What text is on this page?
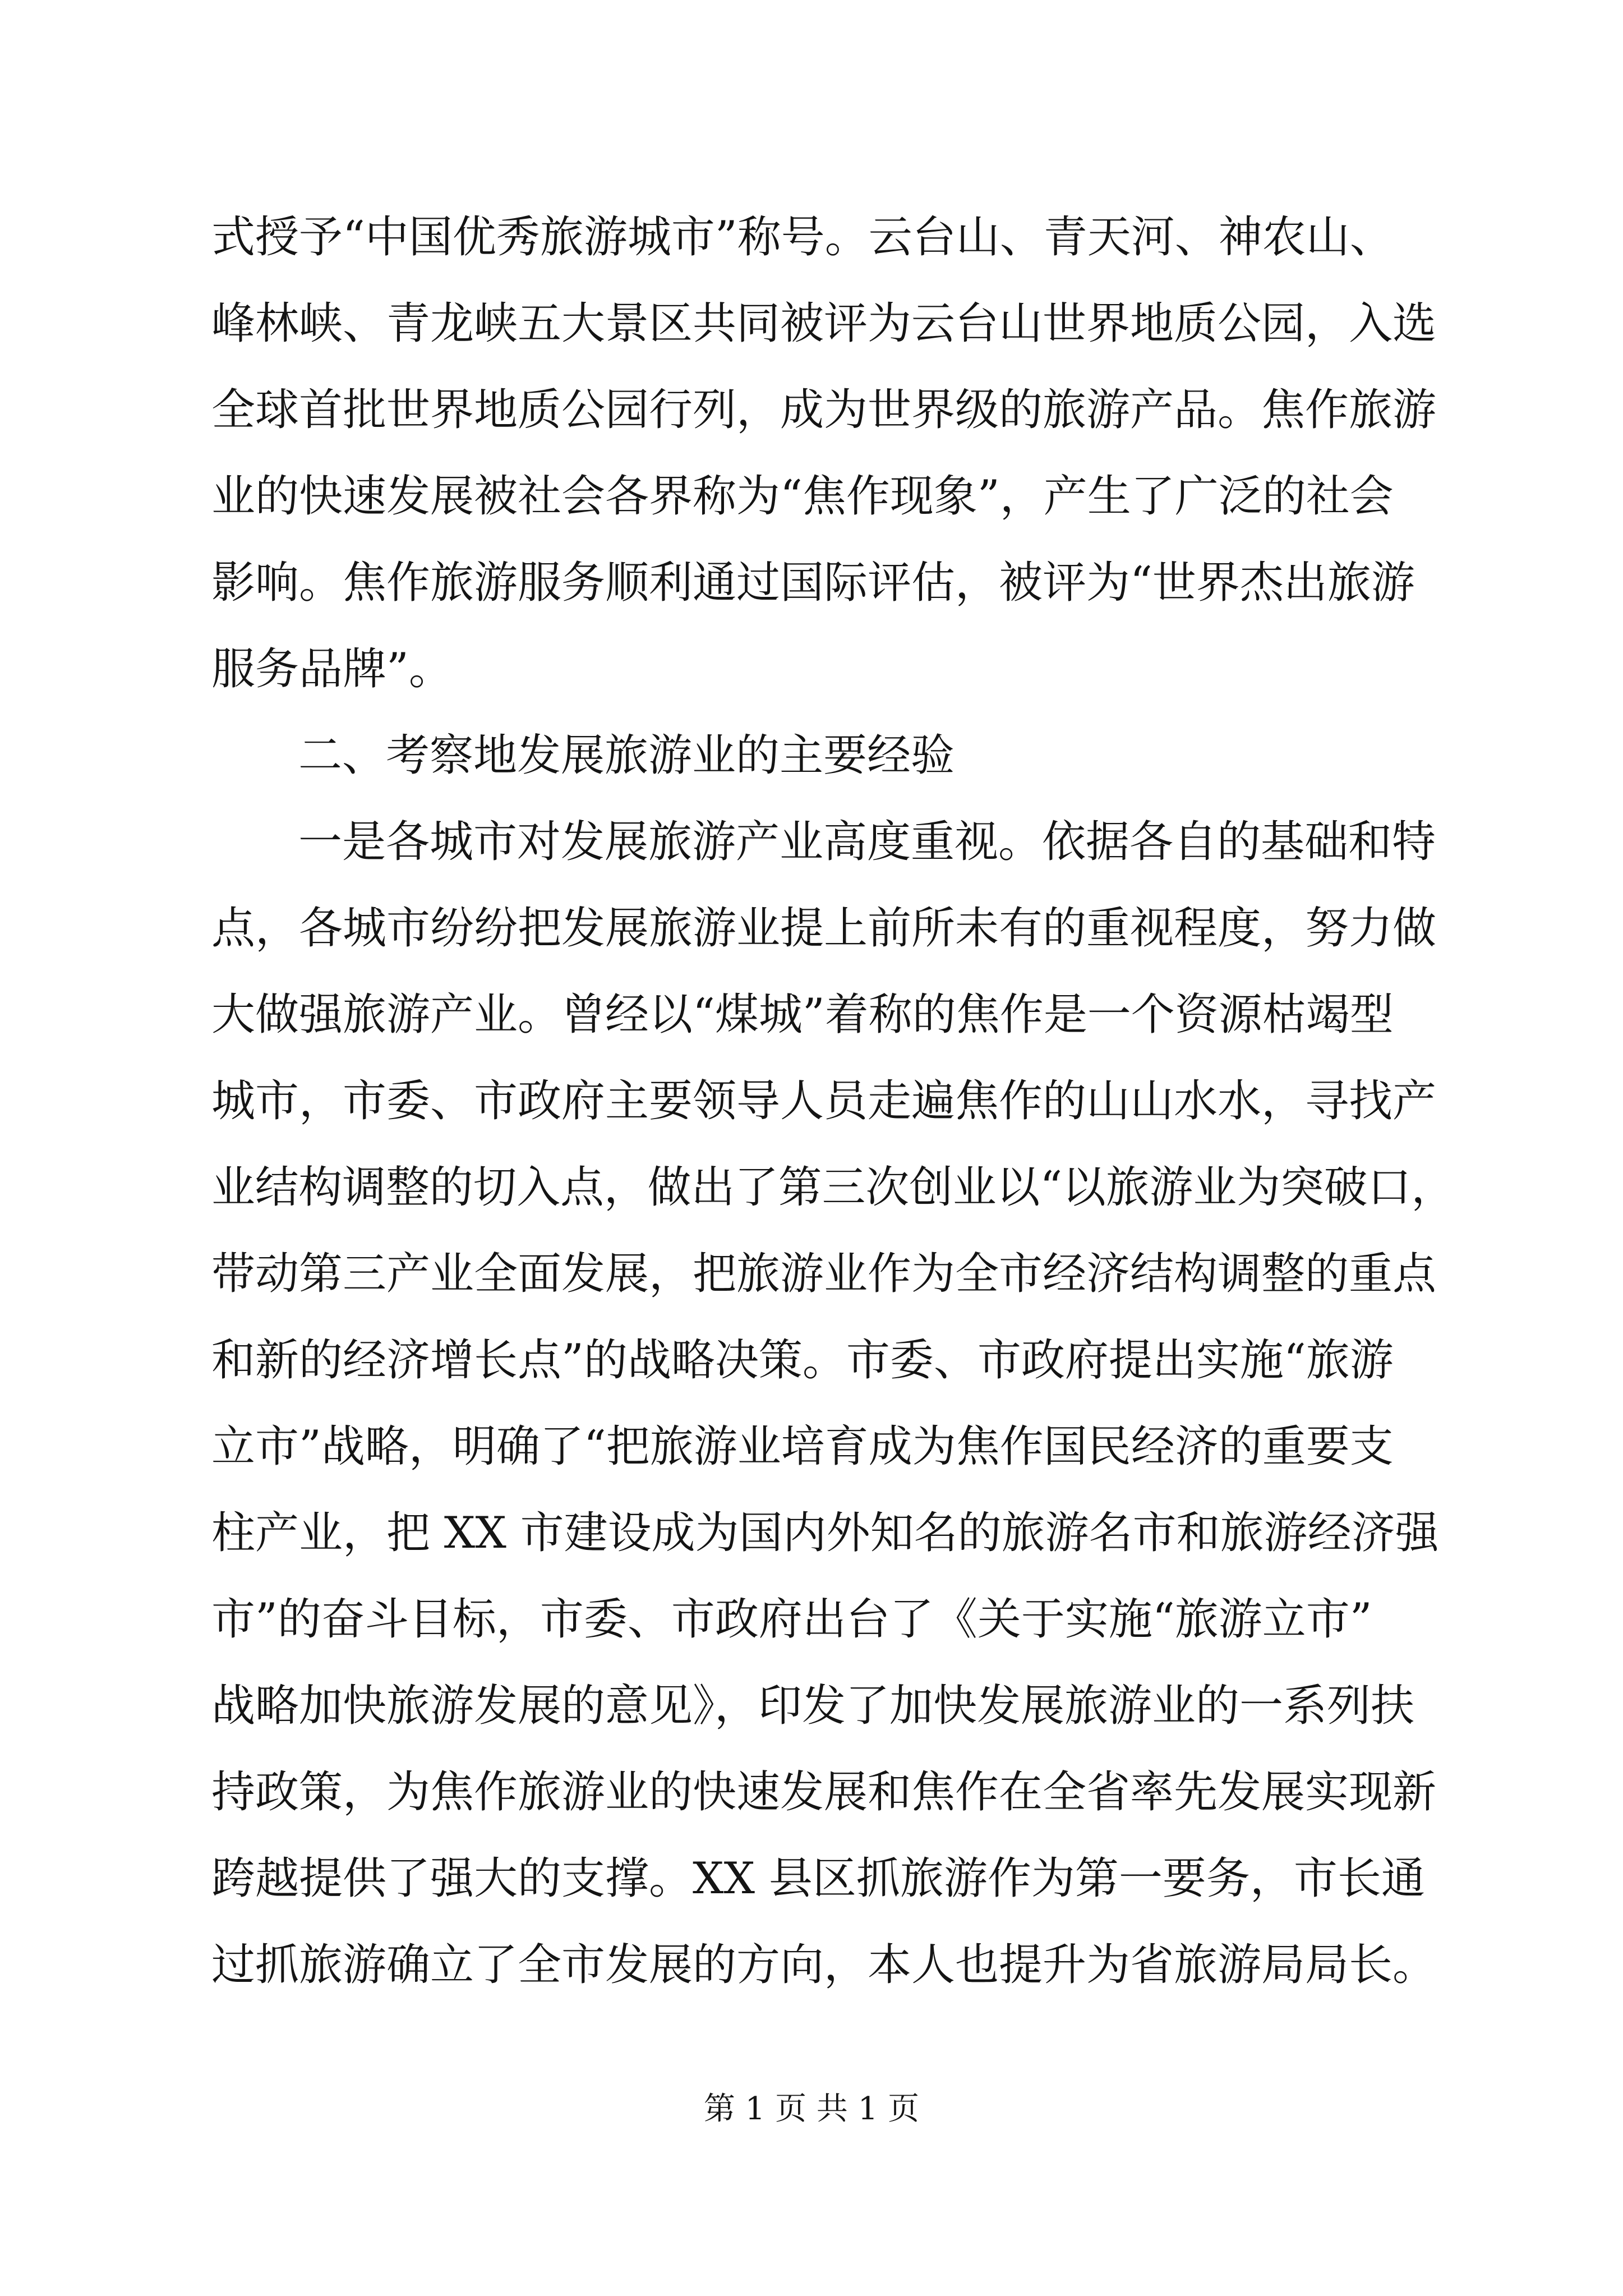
式授予“中国优秀旅游城市”称号。云台山、青天河、神农山、
峰林峡、青龙峡五大景区共同被评为云台山世界地质公园，入选
全球首批世界地质公园行列，成为世界级的旅游产品。焦作旅游
业的快速发展被社会各界称为“焦作现象”，产生了广泛的社会
影响。焦作旅游服务顺利通过国际评估，被评为“世界杰出旅游
服务品牌”。
二、考察地发展旅游业的主要经验
一是各城市对发展旅游产业高度重视。依据各自的基础和特
点，各城市纷纷把发展旅游业提上前所未有的重视程度，努力做
大做强旅游产业。曾经以“煤城”着称的焦作是一个资源枯竭型
城市，市委、市政府主要领导人员走遍焦作的山山水水，寻找产
业结构调整的切入点，做出了第三次创业以“以旅游业为突破口，
带动第三产业全面发展，把旅游业作为全市经济结构调整的重点
和新的经济增长点”的战略决策。市委、市政府提出实施“旅游
立市”战略，明确了“把旅游业培育成为焦作国民经济的重要支
柱产业，把 XX 市建设成为国内外知名的旅游名市和旅游经济强
市”的奋斗目标，市委、市政府出台了《关于实施“旅游立市”
战略加快旅游发展的意见》，印发了加快发展旅游业的一系列扶
持政策，为焦作旅游业的快速发展和焦作在全省率先发展实现新
跨越提供了强大的支撑。XX 县区抓旅游作为第一要务，市长通
过抓旅游确立了全市发展的方向，本人也提升为省旅游局局长。
第 1 页 共 1 页
